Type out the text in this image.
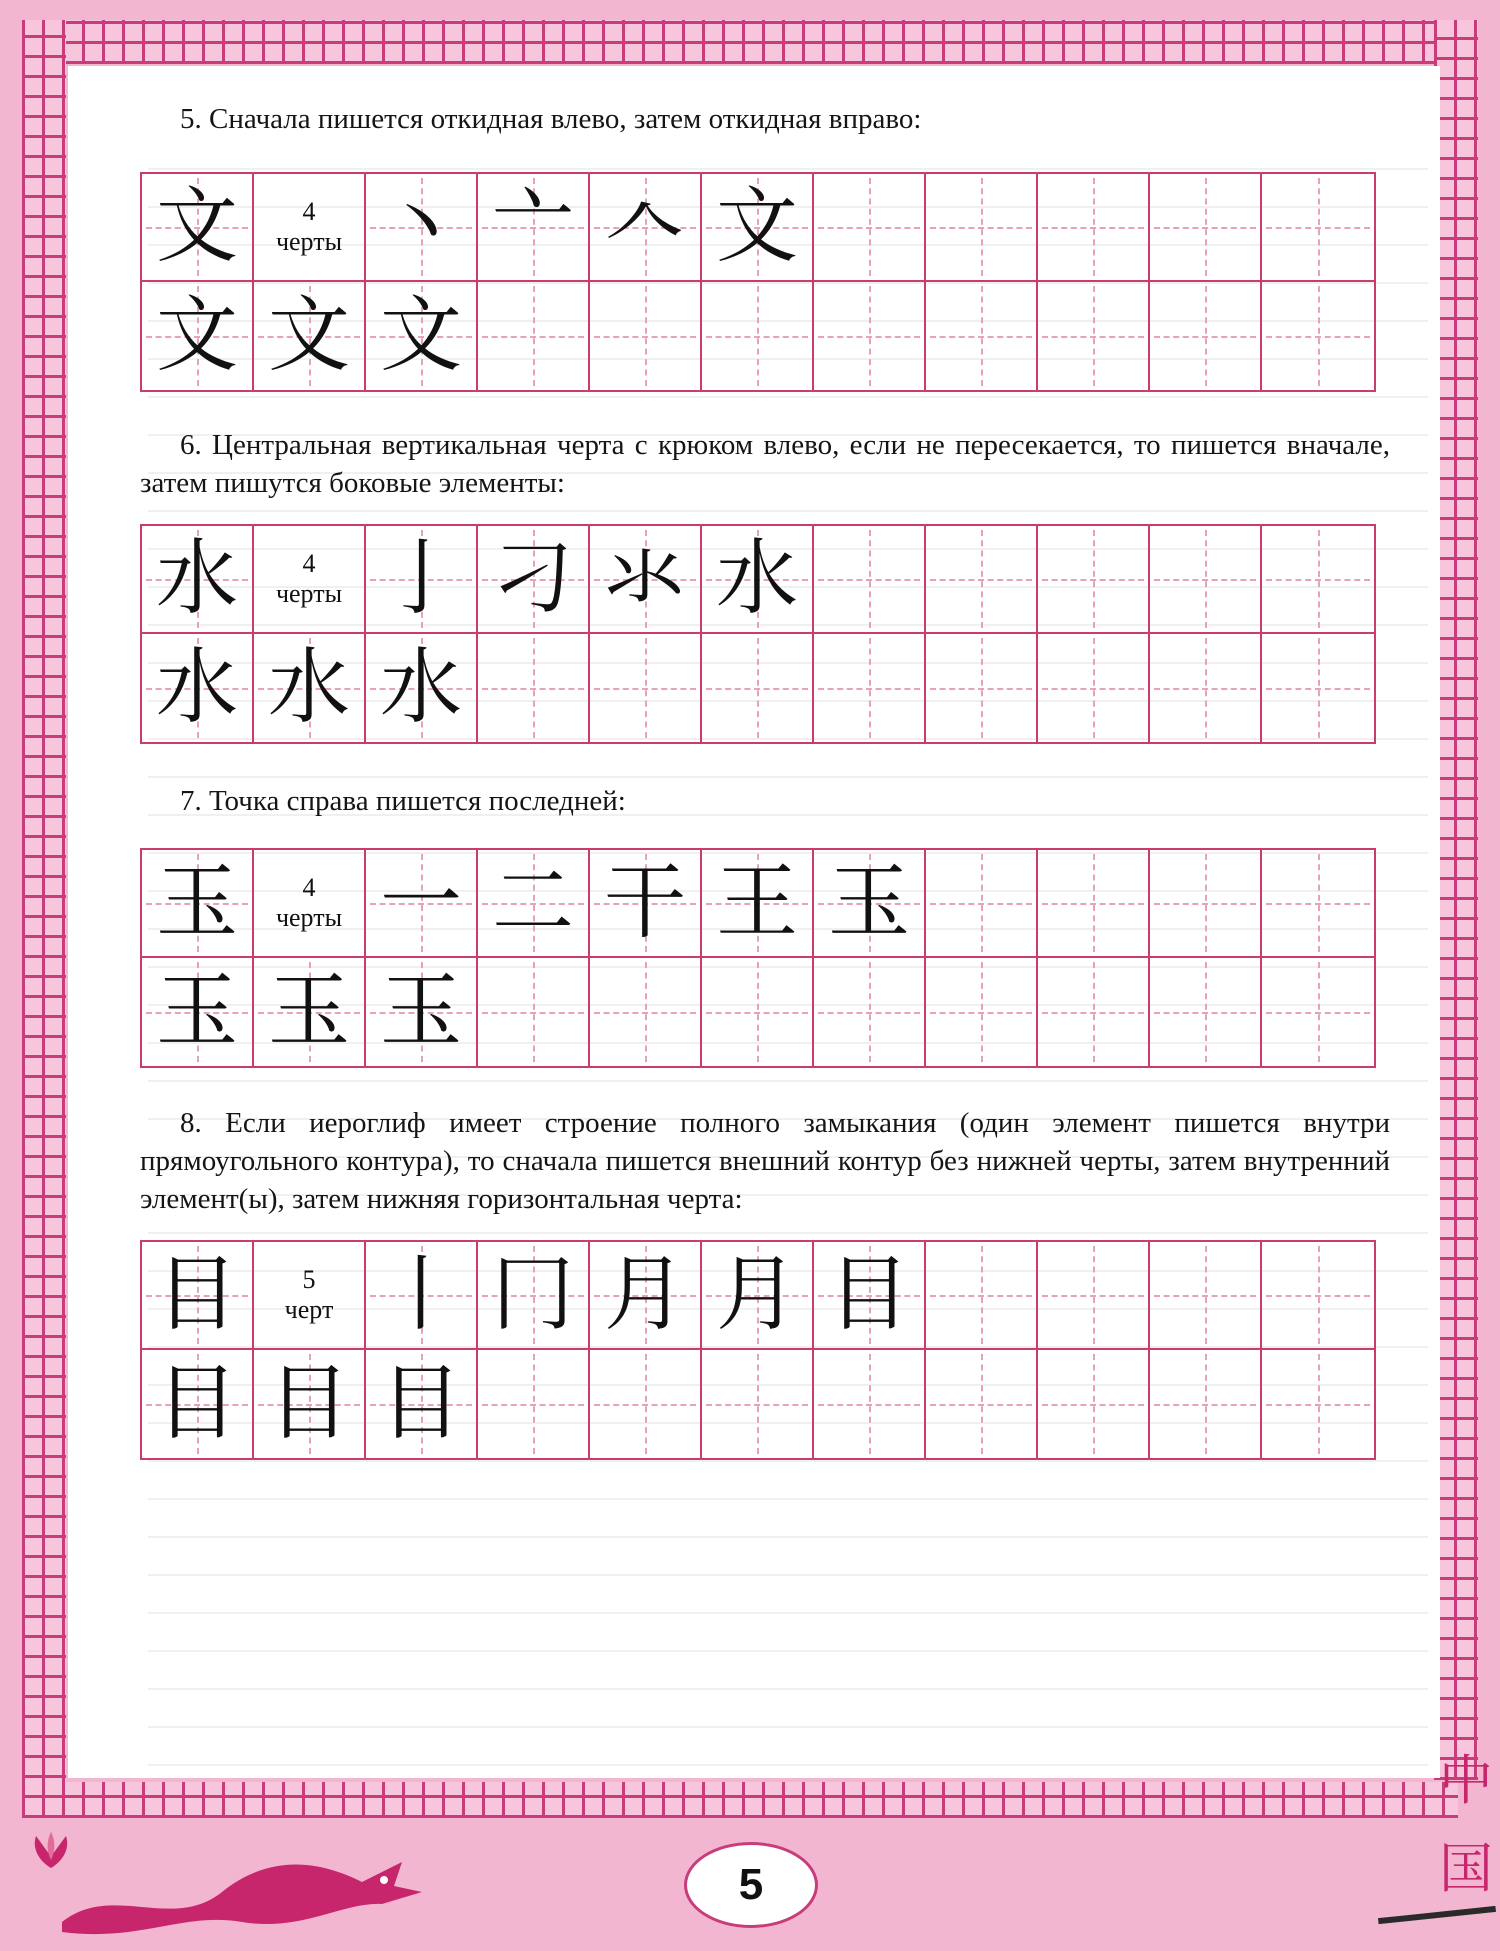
5. Сначала пишется откидная влево, затем откидная вправо:

文 4
черты 丶 亠 𠆢 文
文 文 文

6. Центральная вертикальная черта с крюком влево, если не пересекается, то пишется вначале, затем пишутся боковые элементы:

水 4
черты 亅 刁 氺 水
水 水 水

7. Точка справа пишется последней:

玉 4
черты 一 二 干 王 玉
玉 玉 玉

8. Если иероглиф имеет строение полного замыкания (один элемент пишется внутри прямоугольного контура), то сначала пишется внешний контур без нижней черты, затем внутренний элемент(ы), затем нижняя горизонтальная черта:

目 5
черт 丨 冂 月 月 目
目 目 目
5
中
国
